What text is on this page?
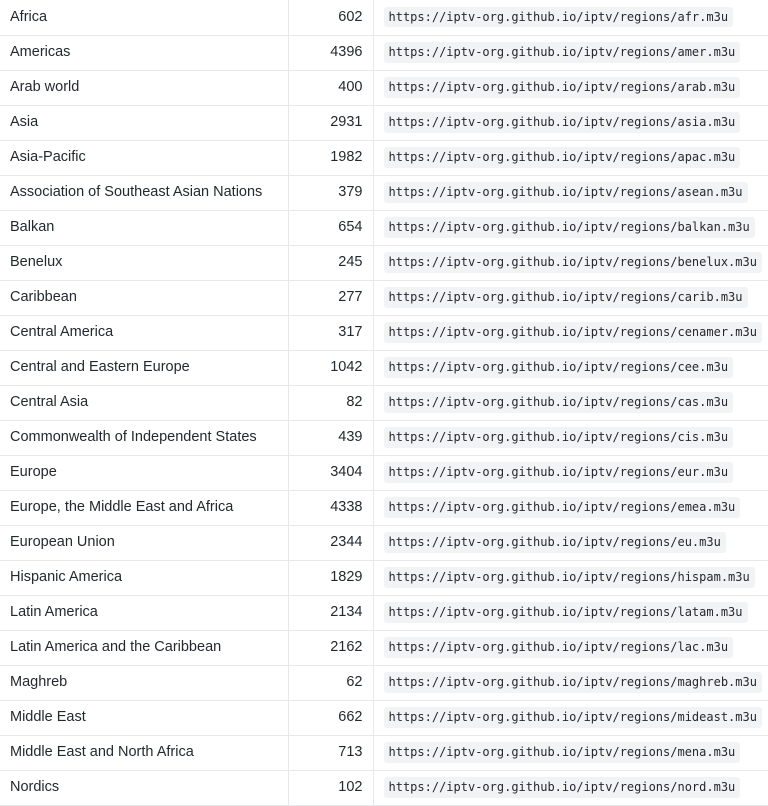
Africa	602	https://iptv-org.github.io/iptv/regions/afr.m3u
Americas	4396	https://iptv-org.github.io/iptv/regions/amer.m3u
Arab world	400	https://iptv-org.github.io/iptv/regions/arab.m3u
Asia	2931	https://iptv-org.github.io/iptv/regions/asia.m3u
Asia-Pacific	1982	https://iptv-org.github.io/iptv/regions/apac.m3u
Association of Southeast Asian Nations	379	https://iptv-org.github.io/iptv/regions/asean.m3u
Balkan	654	https://iptv-org.github.io/iptv/regions/balkan.m3u
Benelux	245	https://iptv-org.github.io/iptv/regions/benelux.m3u
Caribbean	277	https://iptv-org.github.io/iptv/regions/carib.m3u
Central America	317	https://iptv-org.github.io/iptv/regions/cenamer.m3u
Central and Eastern Europe	1042	https://iptv-org.github.io/iptv/regions/cee.m3u
Central Asia	82	https://iptv-org.github.io/iptv/regions/cas.m3u
Commonwealth of Independent States	439	https://iptv-org.github.io/iptv/regions/cis.m3u
Europe	3404	https://iptv-org.github.io/iptv/regions/eur.m3u
Europe, the Middle East and Africa	4338	https://iptv-org.github.io/iptv/regions/emea.m3u
European Union	2344	https://iptv-org.github.io/iptv/regions/eu.m3u
Hispanic America	1829	https://iptv-org.github.io/iptv/regions/hispam.m3u
Latin America	2134	https://iptv-org.github.io/iptv/regions/latam.m3u
Latin America and the Caribbean	2162	https://iptv-org.github.io/iptv/regions/lac.m3u
Maghreb	62	https://iptv-org.github.io/iptv/regions/maghreb.m3u
Middle East	662	https://iptv-org.github.io/iptv/regions/mideast.m3u
Middle East and North Africa	713	https://iptv-org.github.io/iptv/regions/mena.m3u
Nordics	102	https://iptv-org.github.io/iptv/regions/nord.m3u
